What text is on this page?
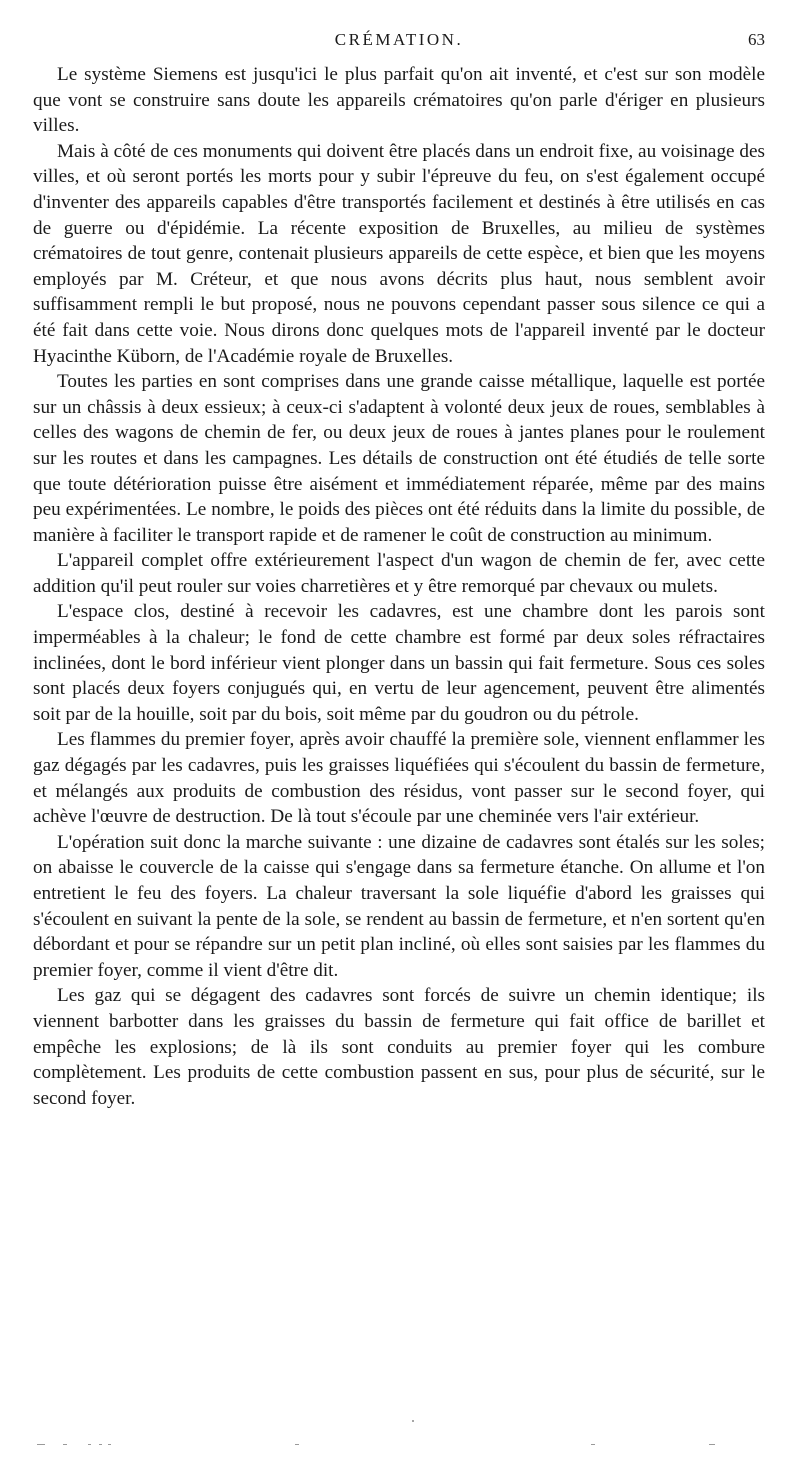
CRÉMATION.	63

Le système Siemens est jusqu'ici le plus parfait qu'on ait inventé, et c'est sur son modèle que vont se construire sans doute les appareils crématoires qu'on parle d'ériger en plusieurs villes.

Mais à côté de ces monuments qui doivent être placés dans un endroit fixe, au voisinage des villes, et où seront portés les morts pour y subir l'épreuve du feu, on s'est également occupé d'inventer des appareils capables d'être transportés facilement et destinés à être utilisés en cas de guerre ou d'épidémie. La récente exposition de Bruxelles, au milieu de systèmes crématoires de tout genre, contenait plusieurs appareils de cette espèce, et bien que les moyens employés par M. Créteur, et que nous avons décrits plus haut, nous semblent avoir suffisamment rempli le but proposé, nous ne pouvons cependant passer sous silence ce qui a été fait dans cette voie. Nous dirons donc quelques mots de l'appareil inventé par le docteur Hyacinthe Küborn, de l'Académie royale de Bruxelles.

Toutes les parties en sont comprises dans une grande caisse métallique, laquelle est portée sur un châssis à deux essieux; à ceux-ci s'adaptent à volonté deux jeux de roues, semblables à celles des wagons de chemin de fer, ou deux jeux de roues à jantes planes pour le roulement sur les routes et dans les campagnes. Les détails de construction ont été étudiés de telle sorte que toute détérioration puisse être aisément et immédiatement réparée, même par des mains peu expérimentées. Le nombre, le poids des pièces ont été réduits dans la limite du possible, de manière à faciliter le transport rapide et de ramener le coût de construction au minimum.

L'appareil complet offre extérieurement l'aspect d'un wagon de chemin de fer, avec cette addition qu'il peut rouler sur voies charretières et y être remorqué par chevaux ou mulets.

L'espace clos, destiné à recevoir les cadavres, est une chambre dont les parois sont imperméables à la chaleur; le fond de cette chambre est formé par deux soles réfractaires inclinées, dont le bord inférieur vient plonger dans un bassin qui fait fermeture. Sous ces soles sont placés deux foyers conjugués qui, en vertu de leur agencement, peuvent être alimentés soit par de la houille, soit par du bois, soit même par du goudron ou du pétrole.

Les flammes du premier foyer, après avoir chauffé la première sole, viennent enflammer les gaz dégagés par les cadavres, puis les graisses liquéfiées qui s'écoulent du bassin de fermeture, et mélangés aux produits de combustion des résidus, vont passer sur le second foyer, qui achève l'œuvre de destruction. De là tout s'écoule par une cheminée vers l'air extérieur.

L'opération suit donc la marche suivante : une dizaine de cadavres sont étalés sur les soles; on abaisse le couvercle de la caisse qui s'engage dans sa fermeture étanche. On allume et l'on entretient le feu des foyers. La chaleur traversant la sole liquéfie d'abord les graisses qui s'écoulent en suivant la pente de la sole, se rendent au bassin de fermeture, et n'en sortent qu'en débordant et pour se répandre sur un petit plan incliné, où elles sont saisies par les flammes du premier foyer, comme il vient d'être dit.

Les gaz qui se dégagent des cadavres sont forcés de suivre un chemin identique; ils viennent barbotter dans les graisses du bassin de fermeture qui fait office de barillet et empêche les explosions; de là ils sont conduits au premier foyer qui les combure complètement. Les produits de cette combustion passent en sus, pour plus de sécurité, sur le second foyer.
